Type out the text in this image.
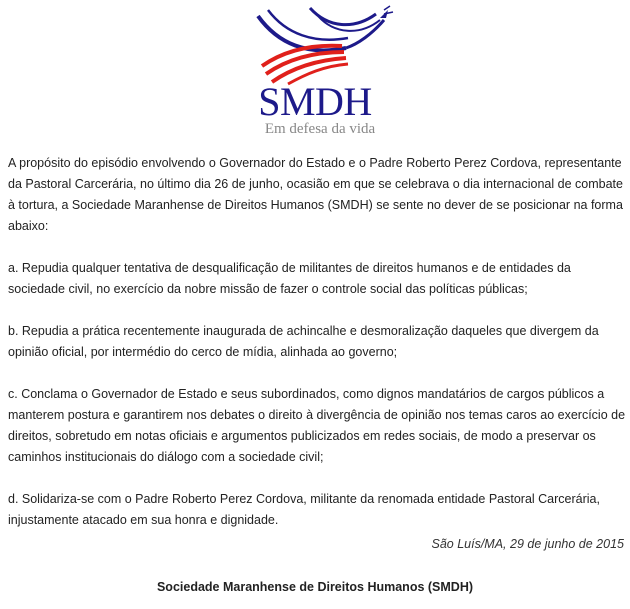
SMDH
Em defesa da vida

A propósito do episódio envolvendo o Governador do Estado e o Padre Roberto Perez Cordova, representante da Pastoral Carcerária, no último dia 26 de junho, ocasião em que se celebrava o dia internacional de combate à tortura, a Sociedade Maranhense de Direitos Humanos (SMDH) se sente no dever de se posicionar na forma abaixo:

a. Repudia qualquer tentativa de desqualificação de militantes de direitos humanos e de entidades da sociedade civil, no exercício da nobre missão de fazer o controle social das políticas públicas;

b. Repudia a prática recentemente inaugurada de achincalhe e desmoralização daqueles que divergem da opinião oficial, por intermédio do cerco de mídia, alinhada ao governo;

c. Conclama o Governador de Estado e seus subordinados, como dignos mandatários de cargos públicos a manterem postura e garantirem nos debates o direito à divergência de opinião nos temas caros ao exercício de direitos, sobretudo em notas oficiais e argumentos publicizados em redes sociais, de modo a preservar os caminhos institucionais do diálogo com a sociedade civil;

d. Solidariza-se com o Padre Roberto Perez Cordova, militante da renomada entidade Pastoral Carcerária, injustamente atacado em sua honra e dignidade.

São Luís/MA, 29 de junho de 2015
Sociedade Maranhense de Direitos Humanos (SMDH)
